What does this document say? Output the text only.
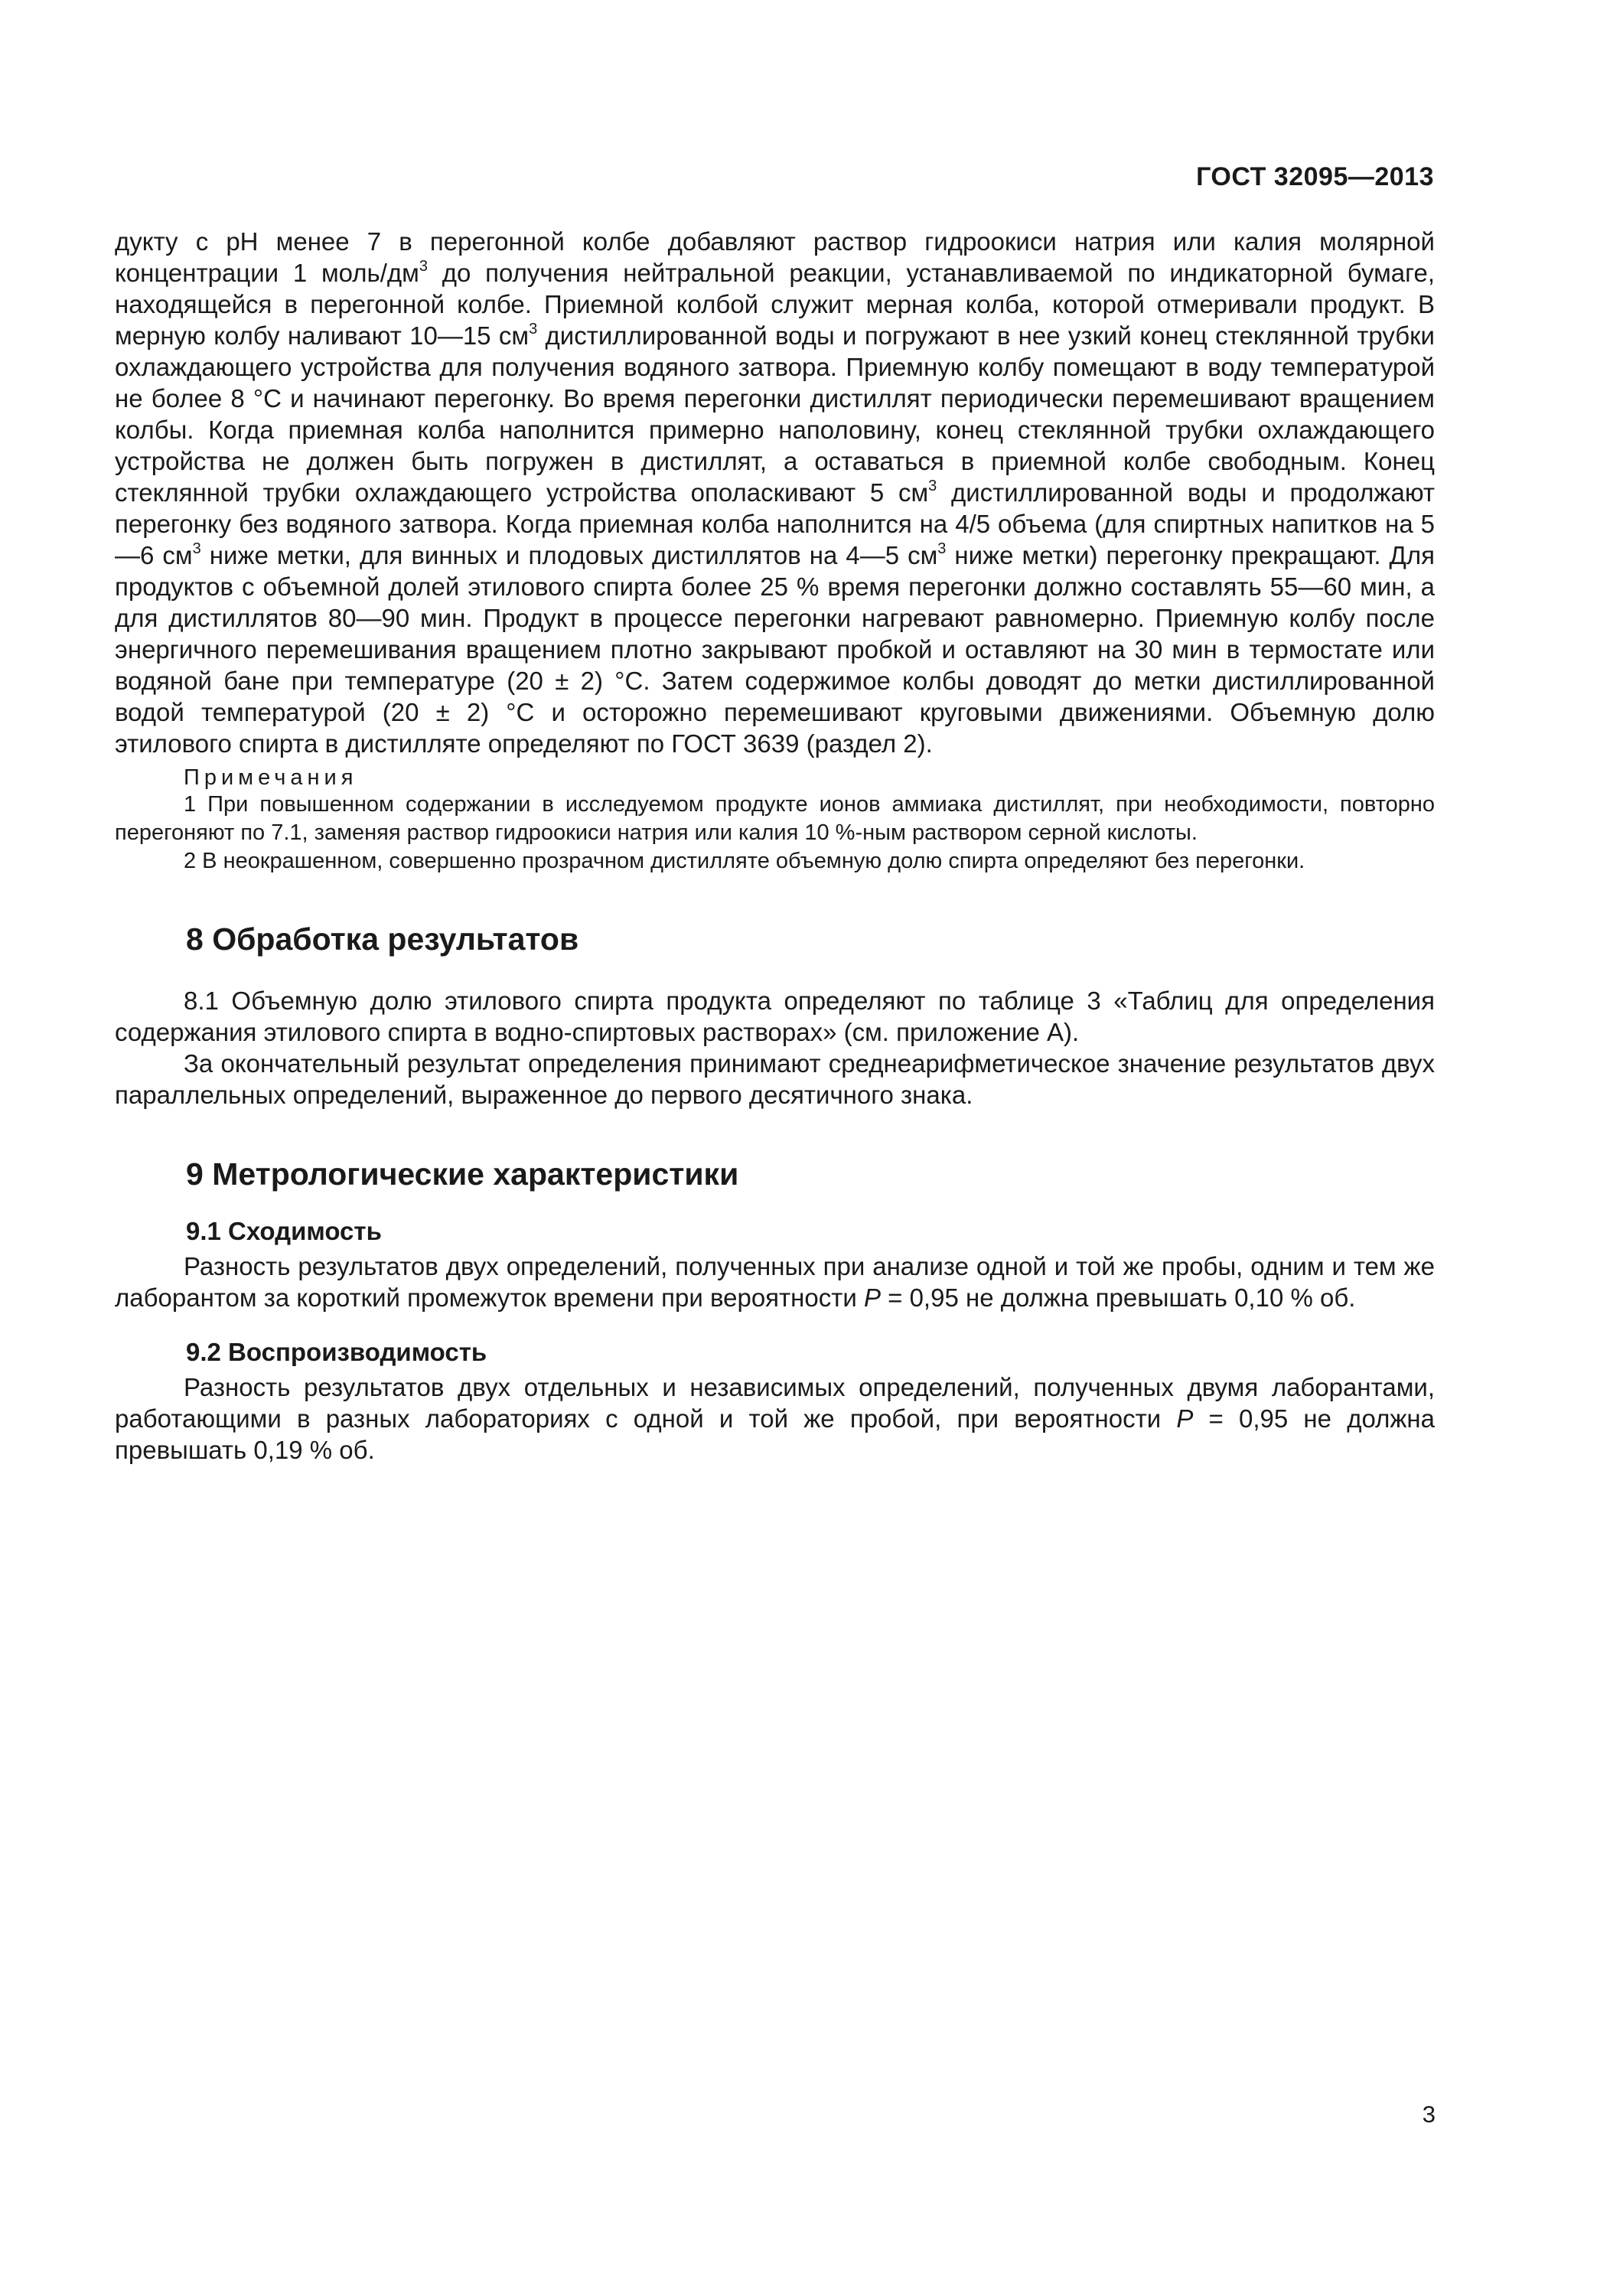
ГОСТ 32095—2013

дукту с pH менее 7 в перегонной колбе добавляют раствор гидроокиси натрия или калия молярной концентрации 1 моль/$дм^3$ до получения нейтральной реакции, устанавливаемой по индикаторной бумаге, находящейся в перегонной колбе. Приемной колбой служит мерная колба, которой отмеривали продукт. В мерную колбу наливают 10—15 $см^3$ дистиллированной воды и погружают в нее узкий конец стеклянной трубки охлаждающего устройства для получения водяного затвора. Приемную колбу помещают в воду температурой не более 8 °C и начинают перегонку. Во время перегонки дистиллят периодически перемешивают вращением колбы. Когда приемная колба наполнится примерно наполовину, конец стеклянной трубки охлаждающего устройства не должен быть погружен в дистиллят, а оставаться в приемной колбе свободным. Конец стеклянной трубки охлаждающего устройства ополаскивают 5 $см^3$ дистиллированной воды и продолжают перегонку без водяного затвора. Когда приемная колба наполнится на 4/5 объема (для спиртных напитков на 5—6 $см^3$ ниже метки, для винных и плодовых дистиллятов на 4—5 $см^3$ ниже метки) перегонку прекращают. Для продуктов с объемной долей этилового спирта более 25 % время перегонки должно составлять 55—60 мин, а для дистиллятов 80—90 мин. Продукт в процессе перегонки нагревают равномерно. Приемную колбу после энергичного перемешивания вращением плотно закрывают пробкой и оставляют на 30 мин в термостате или водяной бане при температуре (20 ± 2) °C. Затем содержимое колбы доводят до метки дистиллированной водой температурой (20 ± 2) °C и осторожно перемешивают круговыми движениями. Объемную долю этилового спирта в дистилляте определяют по ГОСТ 3639 (раздел 2).

Примечания

1 При повышенном содержании в исследуемом продукте ионов аммиака дистиллят, при необходимости, повторно перегоняют по 7.1, заменяя раствор гидроокиси натрия или калия 10 %-ным раствором серной кислоты.

2 В неокрашенном, совершенно прозрачном дистилляте объемную долю спирта определяют без перегонки.

8 Обработка результатов

8.1 Объемную долю этилового спирта продукта определяют по таблице 3 «Таблиц для определения содержания этилового спирта в водно-спиртовых растворах» (см. приложение А).

За окончательный результат определения принимают среднеарифметическое значение результатов двух параллельных определений, выраженное до первого десятичного знака.

9 Метрологические характеристики
9.1 Сходимость

Разность результатов двух определений, полученных при анализе одной и той же пробы, одним и тем же лаборантом за короткий промежуток времени при вероятности P = 0,95 не должна превышать 0,10 % об.

9.2 Воспроизводимость

Разность результатов двух отдельных и независимых определений, полученных двумя лаборантами, работающими в разных лабораториях с одной и той же пробой, при вероятности P = 0,95 не должна превышать 0,19 % об.

3
